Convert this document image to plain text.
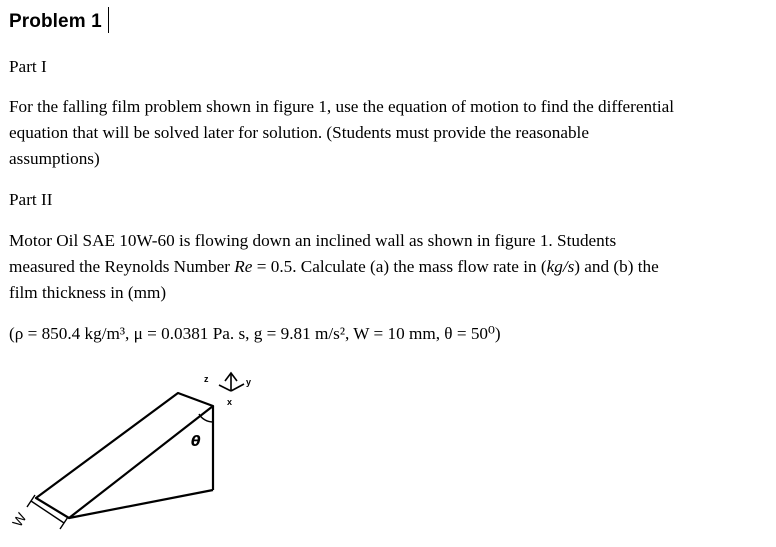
Problem 1
Part I
For the falling film problem shown in figure 1, use the equation of motion to find the differential
equation that will be solved later for solution. (Students must provide the reasonable
assumptions)
Part II
Motor Oil SAE 10W-60 is flowing down an inclined wall as shown in figure 1. Students
measured the Reynolds Number Re = 0.5. Calculate (a) the mass flow rate in (kg/s) and (b) the
film thickness in (mm)
(ρ = 850.4 kg/m³, μ = 0.0381 Pa. s, g = 9.81 m/s², W = 10 mm, θ = 50⁰)
z	y
x
θ
W
